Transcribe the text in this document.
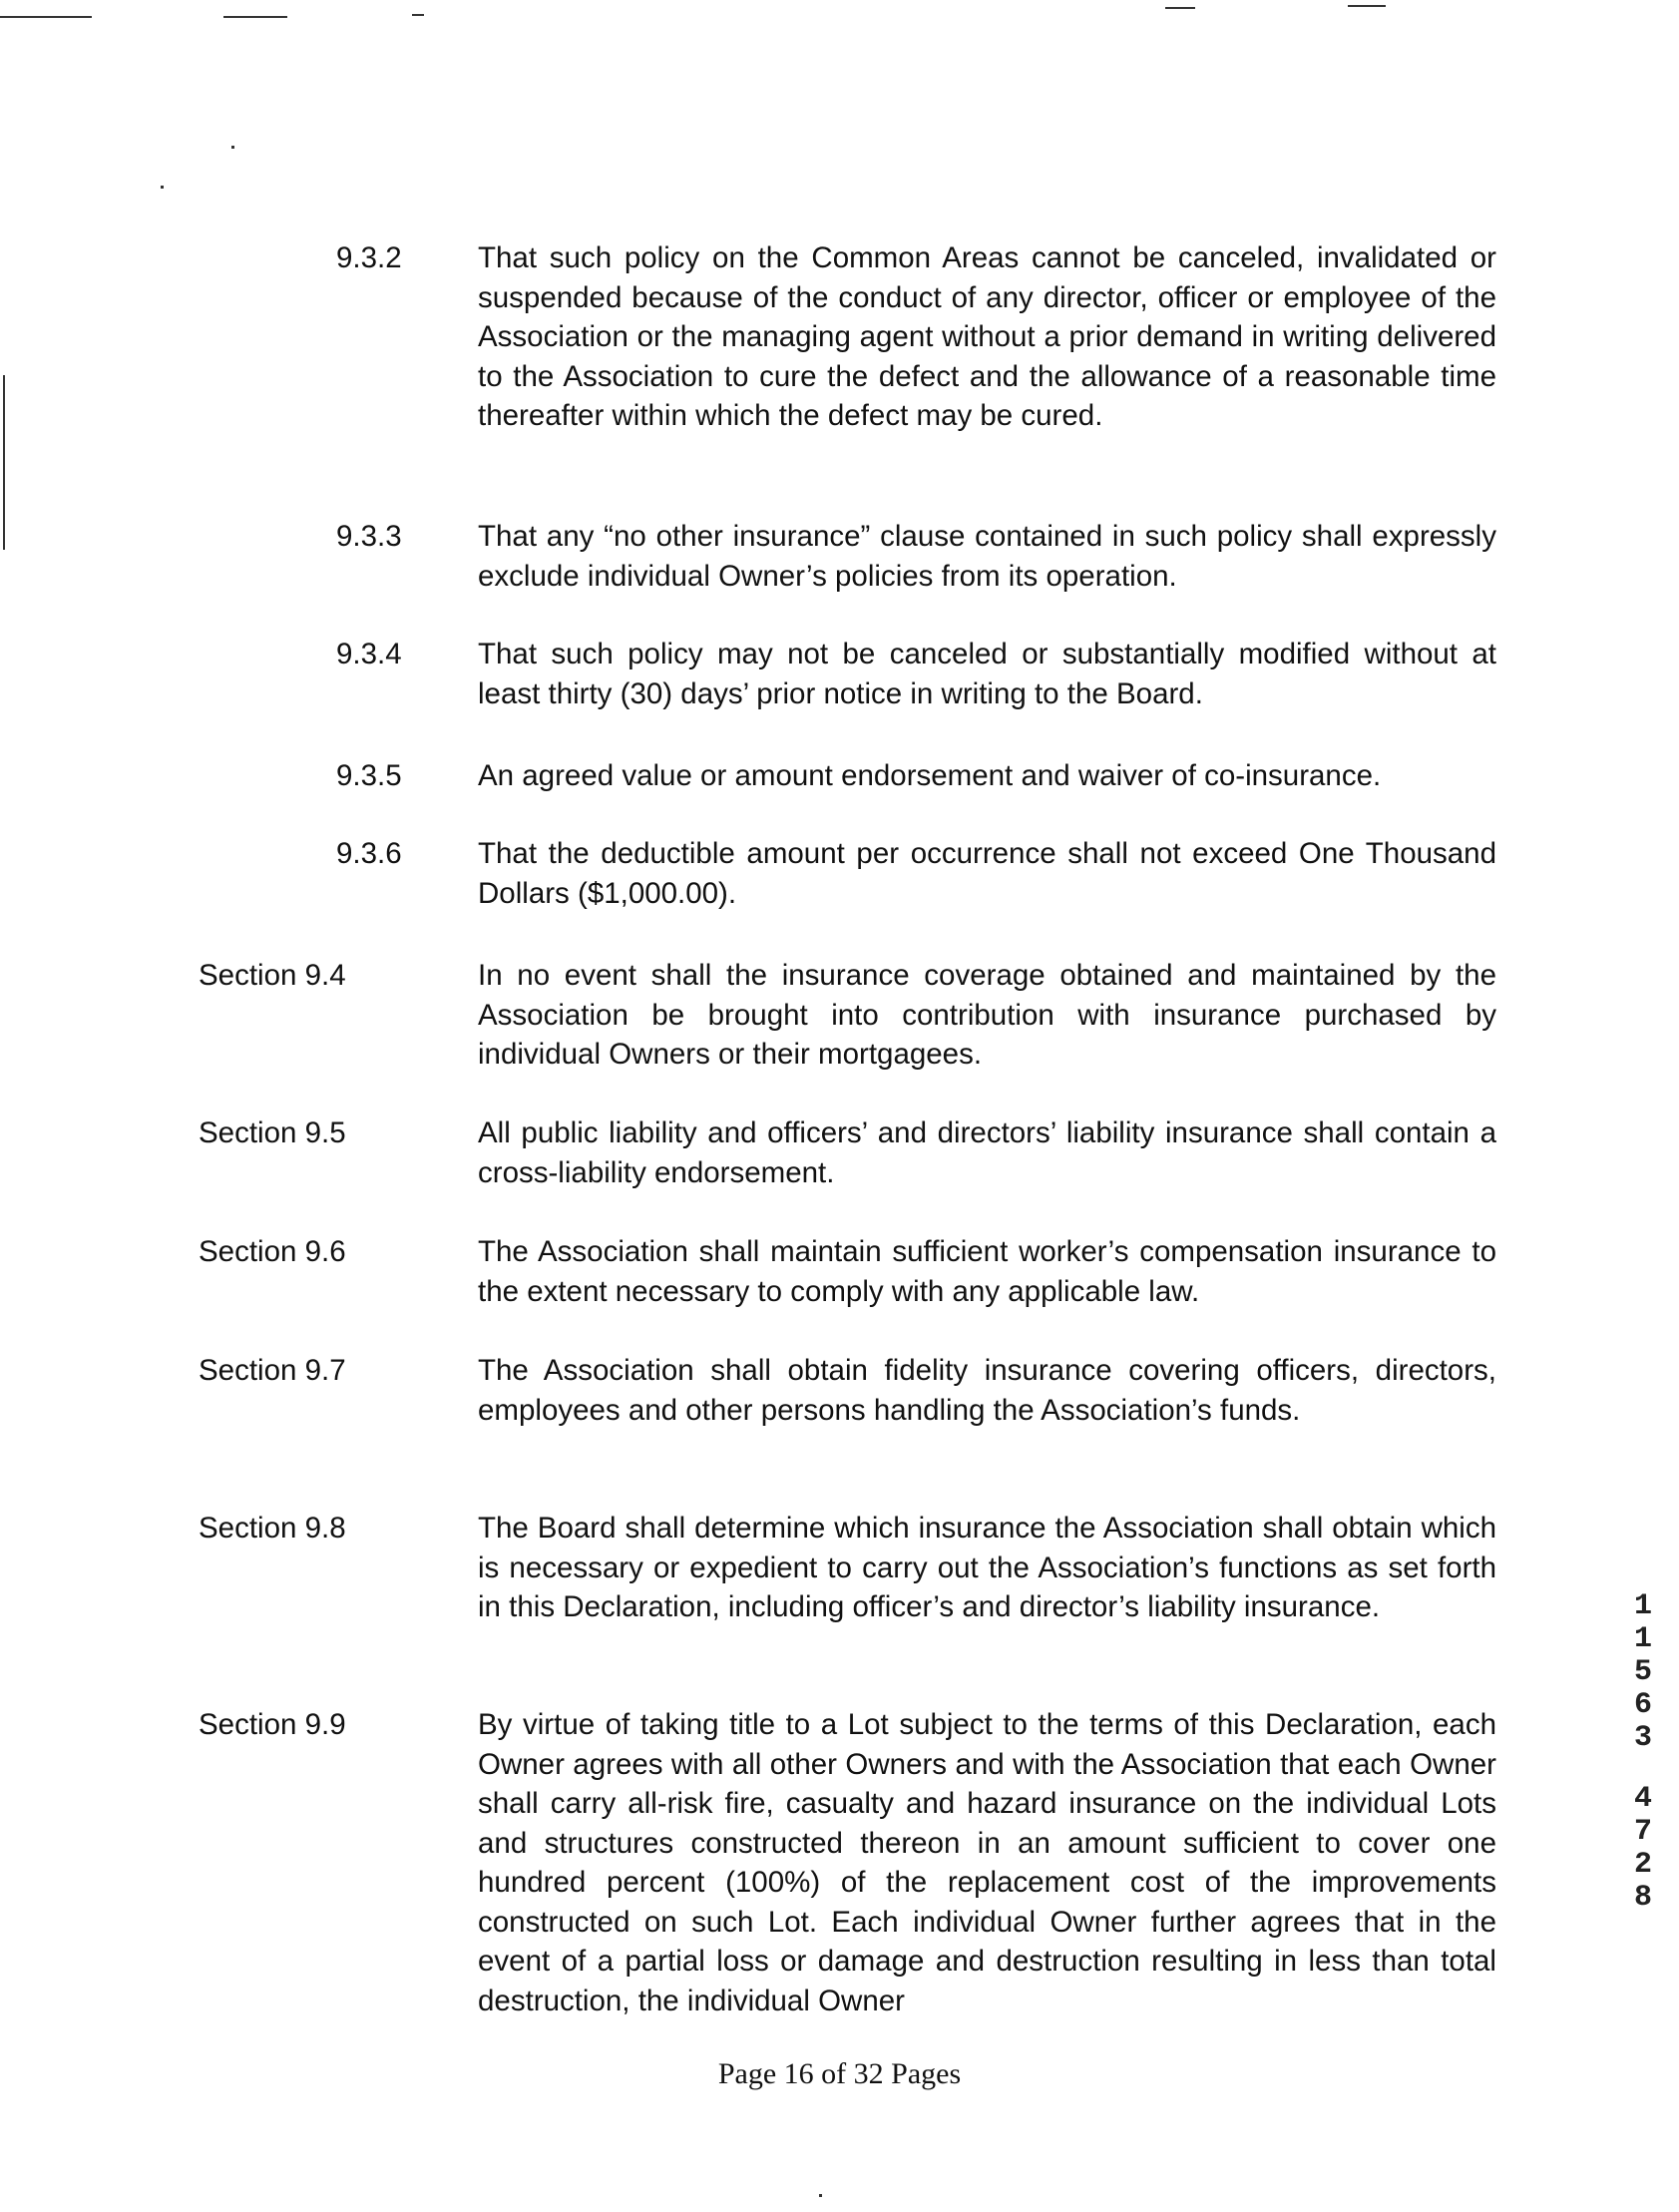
9.3.2	That such policy on the Common Areas cannot be canceled, invalidated or suspended because of the conduct of any director, officer or employee of the Association or the managing agent without a prior demand in writing delivered to the Association to cure the defect and the allowance of a reasonable time thereafter within which the defect may be cured.
9.3.3	That any “no other insurance” clause contained in such policy shall expressly exclude individual Owner’s policies from its operation.
9.3.4	That such policy may not be canceled or substantially modified without at least thirty (30) days’ prior notice in writing to the Board.
9.3.5	An agreed value or amount endorsement and waiver of co-insurance.
9.3.6	That the deductible amount per occurrence shall not exceed One Thousand Dollars ($1,000.00).
Section 9.4	In no event shall the insurance coverage obtained and maintained by the Association be brought into contribution with insurance purchased by individual Owners or their mortgagees.
Section 9.5	All public liability and officers’ and directors’ liability insurance shall contain a cross-liability endorsement.
Section 9.6	The Association shall maintain sufficient worker’s compensation insurance to the extent necessary to comply with any applicable law.
Section 9.7	The Association shall obtain fidelity insurance covering officers, directors, employees and other persons handling the Association’s funds.
Section 9.8	The Board shall determine which insurance the Association shall obtain which is necessary or expedient to carry out the Association’s functions as set forth in this Declaration, including officer’s and director’s liability insurance.
Section 9.9	By virtue of taking title to a Lot subject to the terms of this Declaration, each Owner agrees with all other Owners and with the Association that each Owner shall carry all-risk fire, casualty and hazard insurance on the individual Lots and structures constructed thereon in an amount sufficient to cover one hundred percent (100%) of the replacement cost of the improvements constructed on such Lot. Each individual Owner further agrees that in the event of a partial loss or damage and destruction resulting in less than total destruction, the individual Owner
1
1
5
6
3
4
7
2
8
Page 16 of 32 Pages
